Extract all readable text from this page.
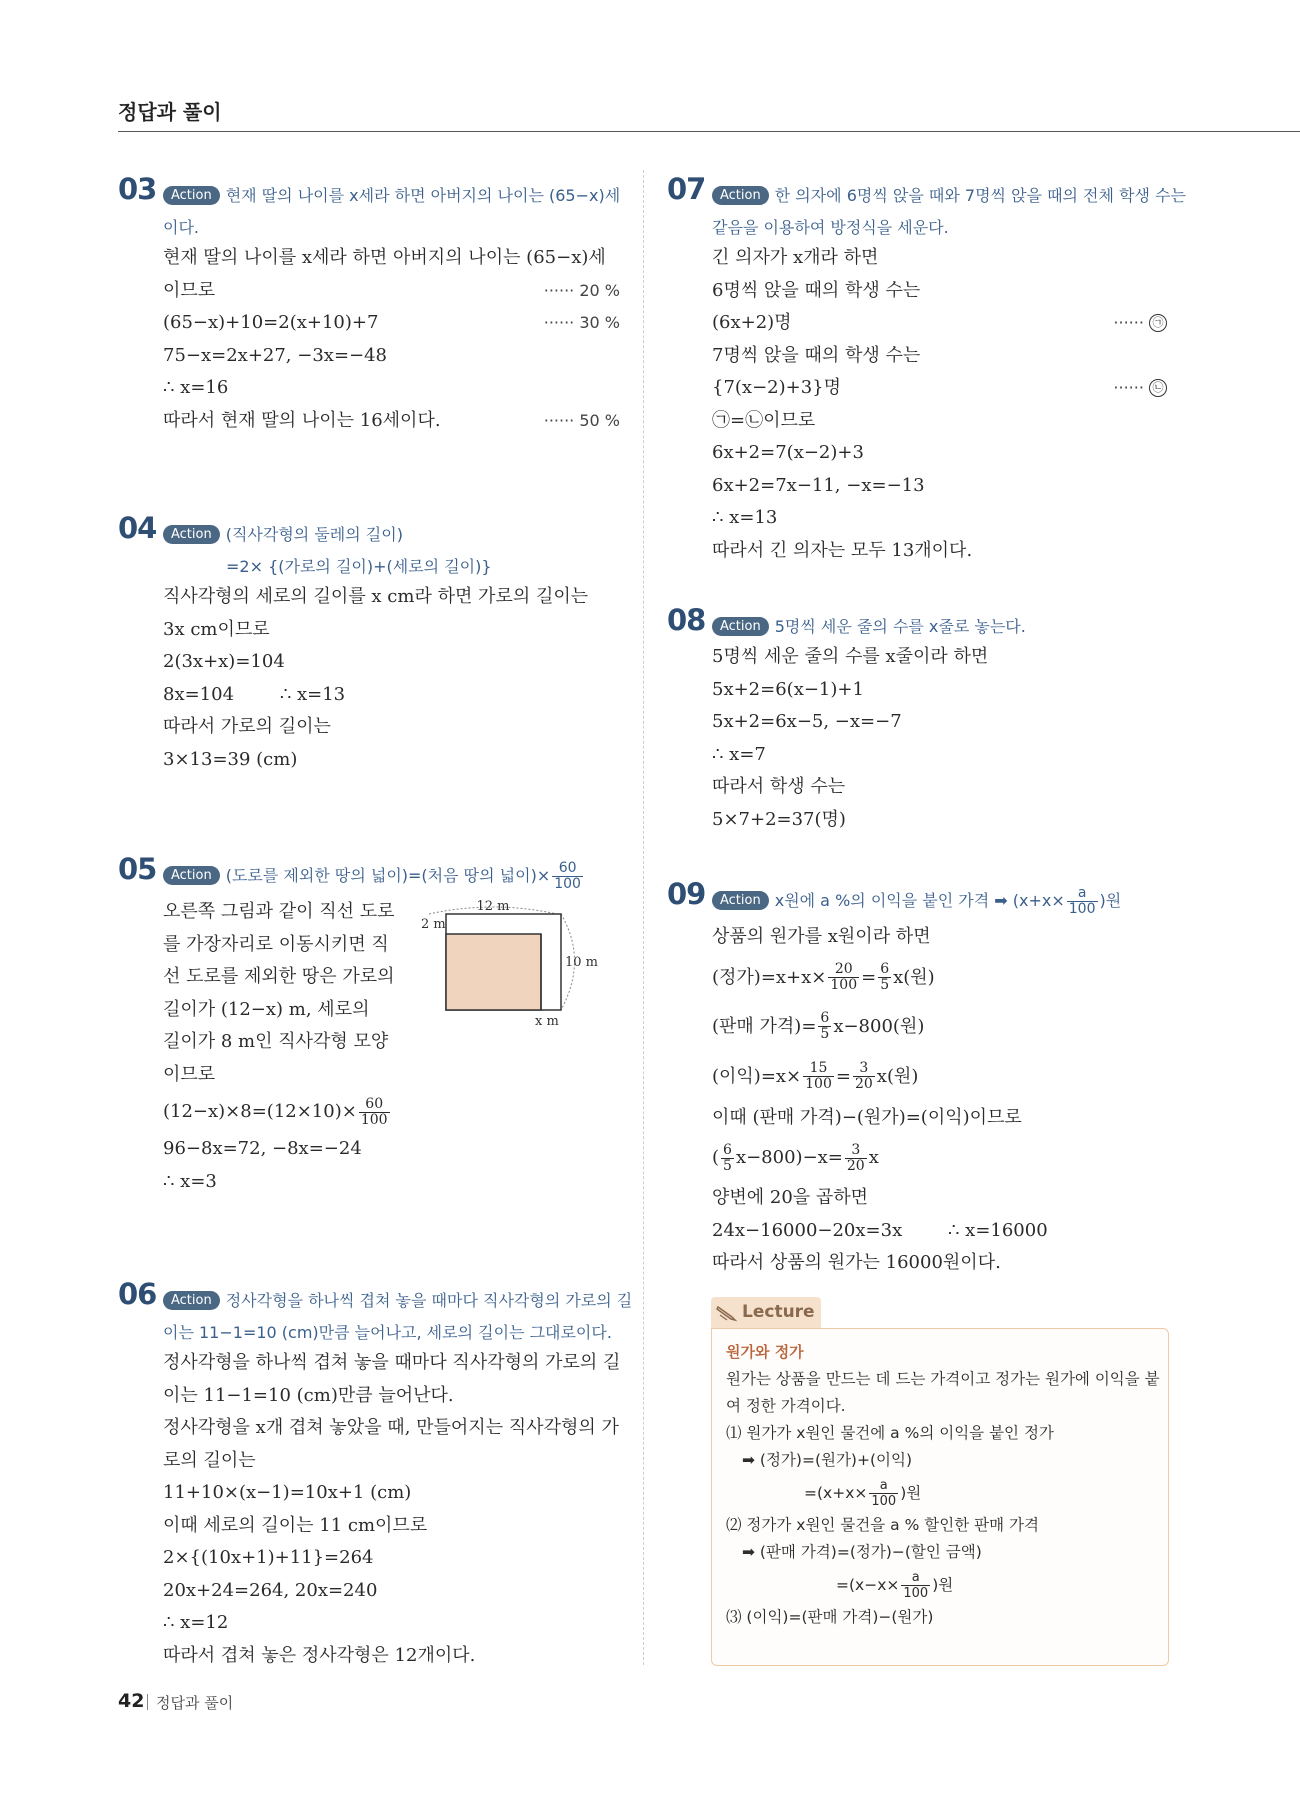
정답과 풀이
03	Action 현재 딸의 나이를 x세라 하면 아버지의 나이는 (65−x)세
이다.
현재 딸의 나이를 x세라 하면 아버지의 나이는 (65−x)세
이므로	······ 20 %
(65−x)+10=2(x+10)+7	······ 30 %
75−x=2x+27, −3x=−48
∴ x=16
따라서 현재 딸의 나이는 16세이다.	······ 50 %
04	Action (직사각형의 둘레의 길이)
=2× {(가로의 길이)+(세로의 길이)}
직사각형의 세로의 길이를 x cm라 하면 가로의 길이는
3x cm이므로
2(3x+x)=104
8x=104        ∴ x=13
따라서 가로의 길이는
3×13=39 (cm)
05	Action (도로를 제외한 땅의 넓이)=(처음 땅의 넓이)× $\frac{60}{100}$
오른쪽 그림과 같이 직선 도로
를 가장자리로 이동시키면 직
선 도로를 제외한 땅은 가로의
길이가 (12−x) m, 세로의
길이가 8 m인 직사각형 모양
이므로
$(12-x)\times 8=(12\times 10)\times \frac{60}{100}$
96−8x=72, −8x=−24
∴ x=3
12 m
2 m
10 m
x m
06	Action 정사각형을 하나씩 겹쳐 놓을 때마다 직사각형의 가로의 길
이는 11−1=10 (cm)만큼 늘어나고, 세로의 길이는 그대로이다.
정사각형을 하나씩 겹쳐 놓을 때마다 직사각형의 가로의 길
이는 11−1=10 (cm)만큼 늘어난다.
정사각형을 x개 겹쳐 놓았을 때, 만들어지는 직사각형의 가
로의 길이는
11+10×(x−1)=10x+1 (cm)
이때 세로의 길이는 11 cm이므로
2×{(10x+1)+11}=264
20x+24=264, 20x=240
∴ x=12
따라서 겹쳐 놓은 정사각형은 12개이다.
07	Action 한 의자에 6명씩 앉을 때와 7명씩 앉을 때의 전체 학생 수는
같음을 이용하여 방정식을 세운다.
긴 의자가 x개라 하면
6명씩 앉을 때의 학생 수는
(6x+2)명	······ ㉠
7명씩 앉을 때의 학생 수는
{7(x−2)+3}명	······ ㉡
㉠=㉡이므로
6x+2=7(x−2)+3
6x+2=7x−11, −x=−13
∴ x=13
따라서 긴 의자는 모두 13개이다.
08	Action 5명씩 세운 줄의 수를 x줄로 놓는다.
5명씩 세운 줄의 수를 x줄이라 하면
5x+2=6(x−1)+1
5x+2=6x−5, −x=−7
∴ x=7
따라서 학생 수는
5×7+2=37(명)
09	Action x원에 a %의 이익을 붙인 가격 ➡ ($x+x\times \frac{a}{100}$ )원
상품의 원가를 x원이라 하면
(정가)$=x+x\times \frac{20}{100} = \frac{6}{5} x$(원)
(판매 가격)= $\frac{6}{5} x-800$(원)
(이익)$=x\times \frac{15}{100} = \frac{3}{20} x$(원)
이때 (판매 가격)−(원가)=(이익)이므로
( $\frac{6}{5} x-800)-x= \frac{3}{20}$ x
양변에 20을 곱하면
24x−16000−20x=3x        ∴ x=16000
따라서 상품의 원가는 16000원이다.
Lecture
원가와 정가
원가는 상품을 만드는 데 드는 가격이고 정가는 원가에 이익을 붙
여 정한 가격이다.
⑴ 원가가 x원인 물건에 a %의 이익을 붙인 정가
➡ (정가)=(원가)+(이익)
$=(x+x\times \frac{a}{100}$ )원
⑵ 정가가 x원인 물건을 a % 할인한 판매 가격
➡ (판매 가격)=(정가)−(할인 금액)
$=(x-x\times \frac{a}{100}$ )원
⑶ (이익)=(판매 가격)−(원가)
42 정답과 풀이
